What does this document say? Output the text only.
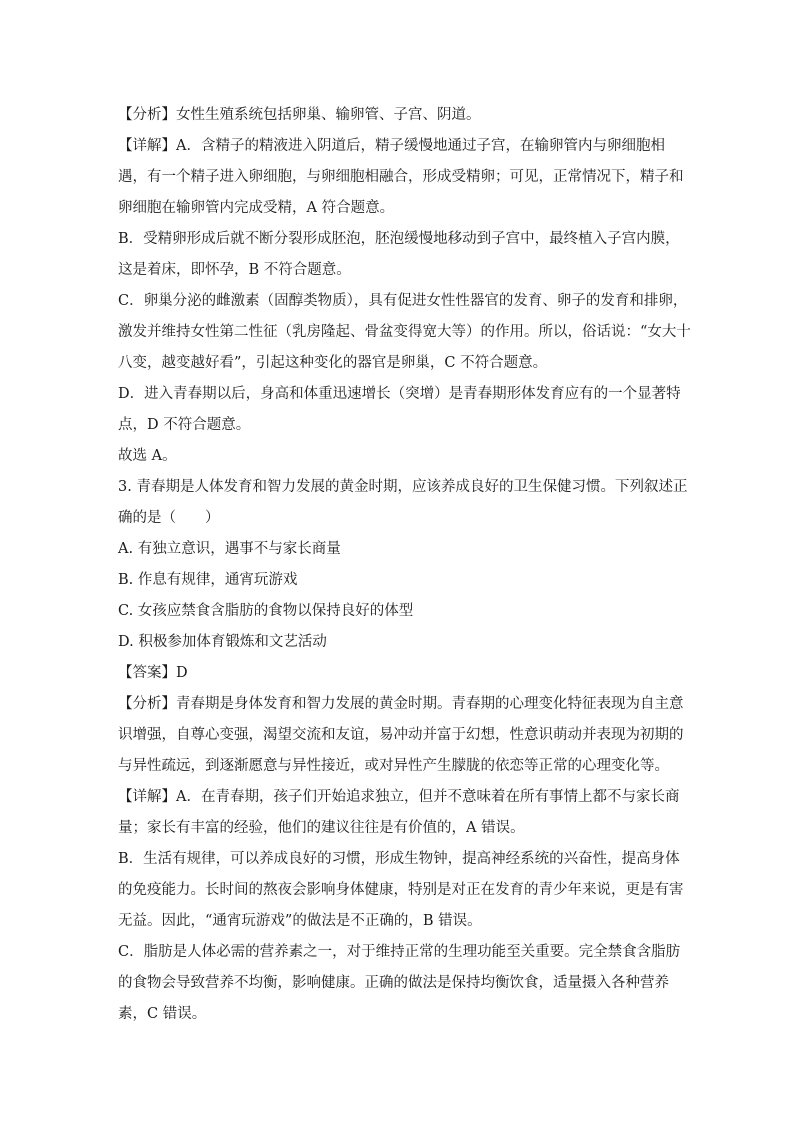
【分析】女性生殖系统包括卵巢、输卵管、子宫、阴道。
【详解】A．含精子的精液进入阴道后，精子缓慢地通过子宫，在输卵管内与卵细胞相
遇，有一个精子进入卵细胞，与卵细胞相融合，形成受精卵；可见，正常情况下，精子和
卵细胞在输卵管内完成受精，A 符合题意。
B．受精卵形成后就不断分裂形成胚泡，胚泡缓慢地移动到子宫中，最终植入子宫内膜，
这是着床，即怀孕，B 不符合题意。
C．卵巢分泌的雌激素（固醇类物质），具有促进女性性器官的发育、卵子的发育和排卵，
激发并维持女性第二性征（乳房隆起、骨盆变得宽大等）的作用。所以，俗话说：“女大十
八变，越变越好看”，引起这种变化的器官是卵巢，C 不符合题意。
D．进入青春期以后，身高和体重迅速增长（突增）是青春期形体发育应有的一个显著特
点，D 不符合题意。
故选 A。
3. 青春期是人体发育和智力发展的黄金时期，应该养成良好的卫生保健习惯。下列叙述正
确的是（　　）
A. 有独立意识，遇事不与家长商量
B. 作息有规律，通宵玩游戏
C. 女孩应禁食含脂肪的食物以保持良好的体型
D. 积极参加体育锻炼和文艺活动
【答案】D
【分析】青春期是身体发育和智力发展的黄金时期。青春期的心理变化特征表现为自主意
识增强，自尊心变强，渴望交流和友谊，易冲动并富于幻想，性意识萌动并表现为初期的
与异性疏远，到逐渐愿意与异性接近，或对异性产生朦胧的依恋等正常的心理变化等。
【详解】A．在青春期，孩子们开始追求独立，但并不意味着在所有事情上都不与家长商
量；家长有丰富的经验，他们的建议往往是有价值的，A 错误。
B．生活有规律，可以养成良好的习惯，形成生物钟，提高神经系统的兴奋性，提高身体
的免疫能力。长时间的熬夜会影响身体健康，特别是对正在发育的青少年来说，更是有害
无益。因此，“通宵玩游戏”的做法是不正确的，B 错误。
C．脂肪是人体必需的营养素之一，对于维持正常的生理功能至关重要。完全禁食含脂肪
的食物会导致营养不均衡，影响健康。正确的做法是保持均衡饮食，适量摄入各种营养
素，C 错误。
